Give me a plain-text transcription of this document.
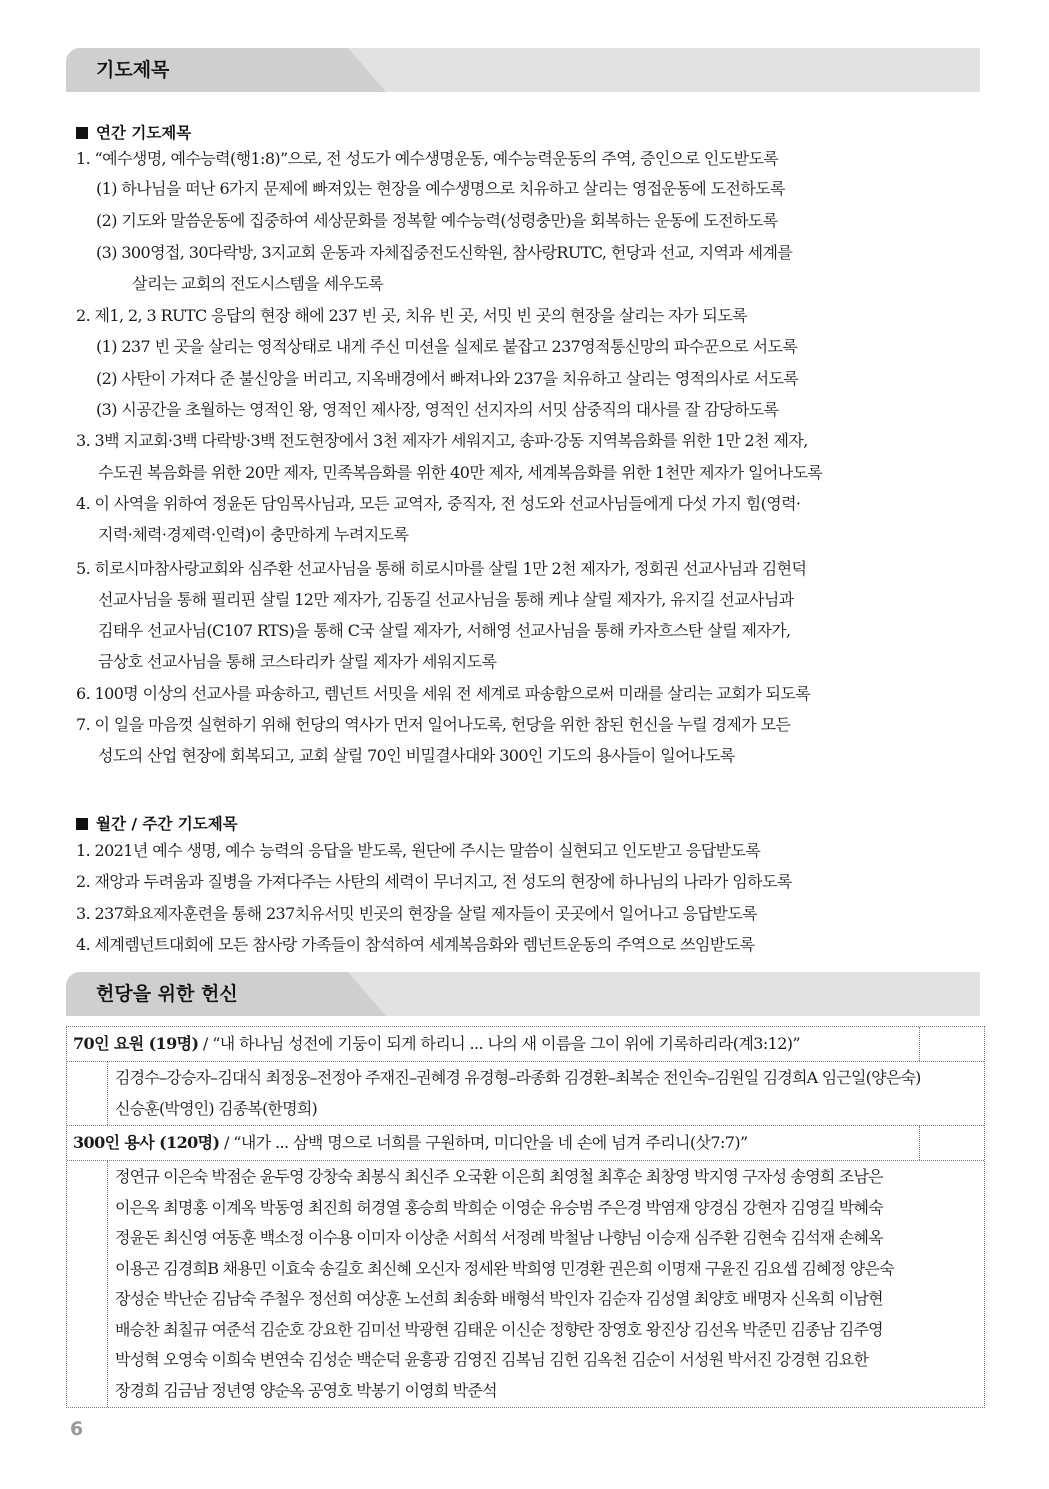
기도제목
연간 기도제목
1. “예수생명, 예수능력(행1:8)”으로, 전 성도가 예수생명운동, 예수능력운동의 주역, 증인으로 인도받도록
(1) 하나님을 떠난 6가지 문제에 빠져있는 현장을 예수생명으로 치유하고 살리는 영접운동에 도전하도록
(2) 기도와 말씀운동에 집중하여 세상문화를 정복할 예수능력(성령충만)을 회복하는 운동에 도전하도록
(3) 300영접, 30다락방, 3지교회 운동과 자체집중전도신학원, 참사랑RUTC, 헌당과 선교, 지역과 세계를
살리는 교회의 전도시스템을 세우도록
2. 제1, 2, 3 RUTC 응답의 현장 해에 237 빈 곳, 치유 빈 곳, 서밋 빈 곳의 현장을 살리는 자가 되도록
(1) 237 빈 곳을 살리는 영적상태로 내게 주신 미션을 실제로 붙잡고 237영적통신망의 파수꾼으로 서도록
(2) 사탄이 가져다 준 불신앙을 버리고, 지옥배경에서 빠져나와 237을 치유하고 살리는 영적의사로 서도록
(3) 시공간을 초월하는 영적인 왕, 영적인 제사장, 영적인 선지자의 서밋 삼중직의 대사를 잘 감당하도록
3. 3백 지교회·3백 다락방·3백 전도현장에서 3천 제자가 세워지고, 송파·강동 지역복음화를 위한 1만 2천 제자,
수도권 복음화를 위한 20만 제자, 민족복음화를 위한 40만 제자, 세계복음화를 위한 1천만 제자가 일어나도록
4. 이 사역을 위하여 정윤돈 담임목사님과, 모든 교역자, 중직자, 전 성도와 선교사님들에게 다섯 가지 힘(영력·
지력·체력·경제력·인력)이 충만하게 누려지도록
5. 히로시마참사랑교회와 심주환 선교사님을 통해 히로시마를 살릴 1만 2천 제자가, 정회권 선교사님과 김현덕
선교사님을 통해 필리핀 살릴 12만 제자가, 김동길 선교사님을 통해 케냐 살릴 제자가, 유지길 선교사님과
김태우 선교사님(C107 RTS)을 통해 C국 살릴 제자가, 서해영 선교사님을 통해 카자흐스탄 살릴 제자가,
금상호 선교사님을 통해 코스타리카 살릴 제자가 세워지도록
6. 100명 이상의 선교사를 파송하고, 렘넌트 서밋을 세워 전 세계로 파송함으로써 미래를 살리는 교회가 되도록
7. 이 일을 마음껏 실현하기 위해 헌당의 역사가 먼저 일어나도록, 헌당을 위한 참된 헌신을 누릴 경제가 모든
성도의 산업 현장에 회복되고, 교회 살릴 70인 비밀결사대와 300인 기도의 용사들이 일어나도록
월간 / 주간 기도제목
1. 2021년 예수 생명, 예수 능력의 응답을 받도록, 원단에 주시는 말씀이 실현되고 인도받고 응답받도록
2. 재앙과 두려움과 질병을 가져다주는 사탄의 세력이 무너지고, 전 성도의 현장에 하나님의 나라가 임하도록
3. 237화요제자훈련을 통해 237치유서밋 빈곳의 현장을 살릴 제자들이 곳곳에서 일어나고 응답받도록
4. 세계렘넌트대회에 모든 참사랑 가족들이 참석하여 세계복음화와 렘넌트운동의 주역으로 쓰임받도록
헌당을 위한 헌신
70인 요원 (19명) / “내 하나님 성전에 기둥이 되게 하리니 ... 나의 새 이름을 그이 위에 기록하리라(계3:12)”
김경수–강승자–김대식 최정웅–전정아 주재진–권혜경 유경형–라종화 김경환–최복순 전인숙–김원일 김경희A 임근일(양은숙)
신승훈(박영인) 김종복(한명희)
300인 용사 (120명) / “내가 ... 삼백 명으로 너희를 구원하며, 미디안을 네 손에 넘겨 주리니(삿7:7)”
정연규 이은숙 박점순 윤두영 강창숙 최봉식 최신주 오국환 이은희 최영철 최후순 최창영 박지영 구자성 송영희 조남은
이은옥 최명홍 이계옥 박동영 최진희 허경열 홍승희 박희순 이영순 유승범 주은경 박염재 양경심 강현자 김영길 박혜숙
정윤돈 최신영 여동훈 백소정 이수용 이미자 이상춘 서희석 서정례 박철남 나향님 이승재 심주환 김현숙 김석재 손혜옥
이용곤 김경희B 채용민 이효숙 송길호 최신혜 오신자 정세완 박희영 민경환 권은희 이명재 구윤진 김요셉 김혜정 양은숙
장성순 박난순 김남숙 주철우 정선희 여상훈 노선희 최송화 배형석 박인자 김순자 김성열 최양호 배명자 신옥희 이남현
배승찬 최칠규 여준석 김순호 강요한 김미선 박광현 김태운 이신순 정향란 장영호 왕진상 김선옥 박준민 김종남 김주영
박성혁 오영숙 이희숙 변연숙 김성순 백순덕 윤흥광 김영진 김복님 김헌 김옥천 김순이 서성원 박서진 강경현 김요한
장경희 김금남 정년영 양순옥 공영호 박봉기 이영희 박준석
6
